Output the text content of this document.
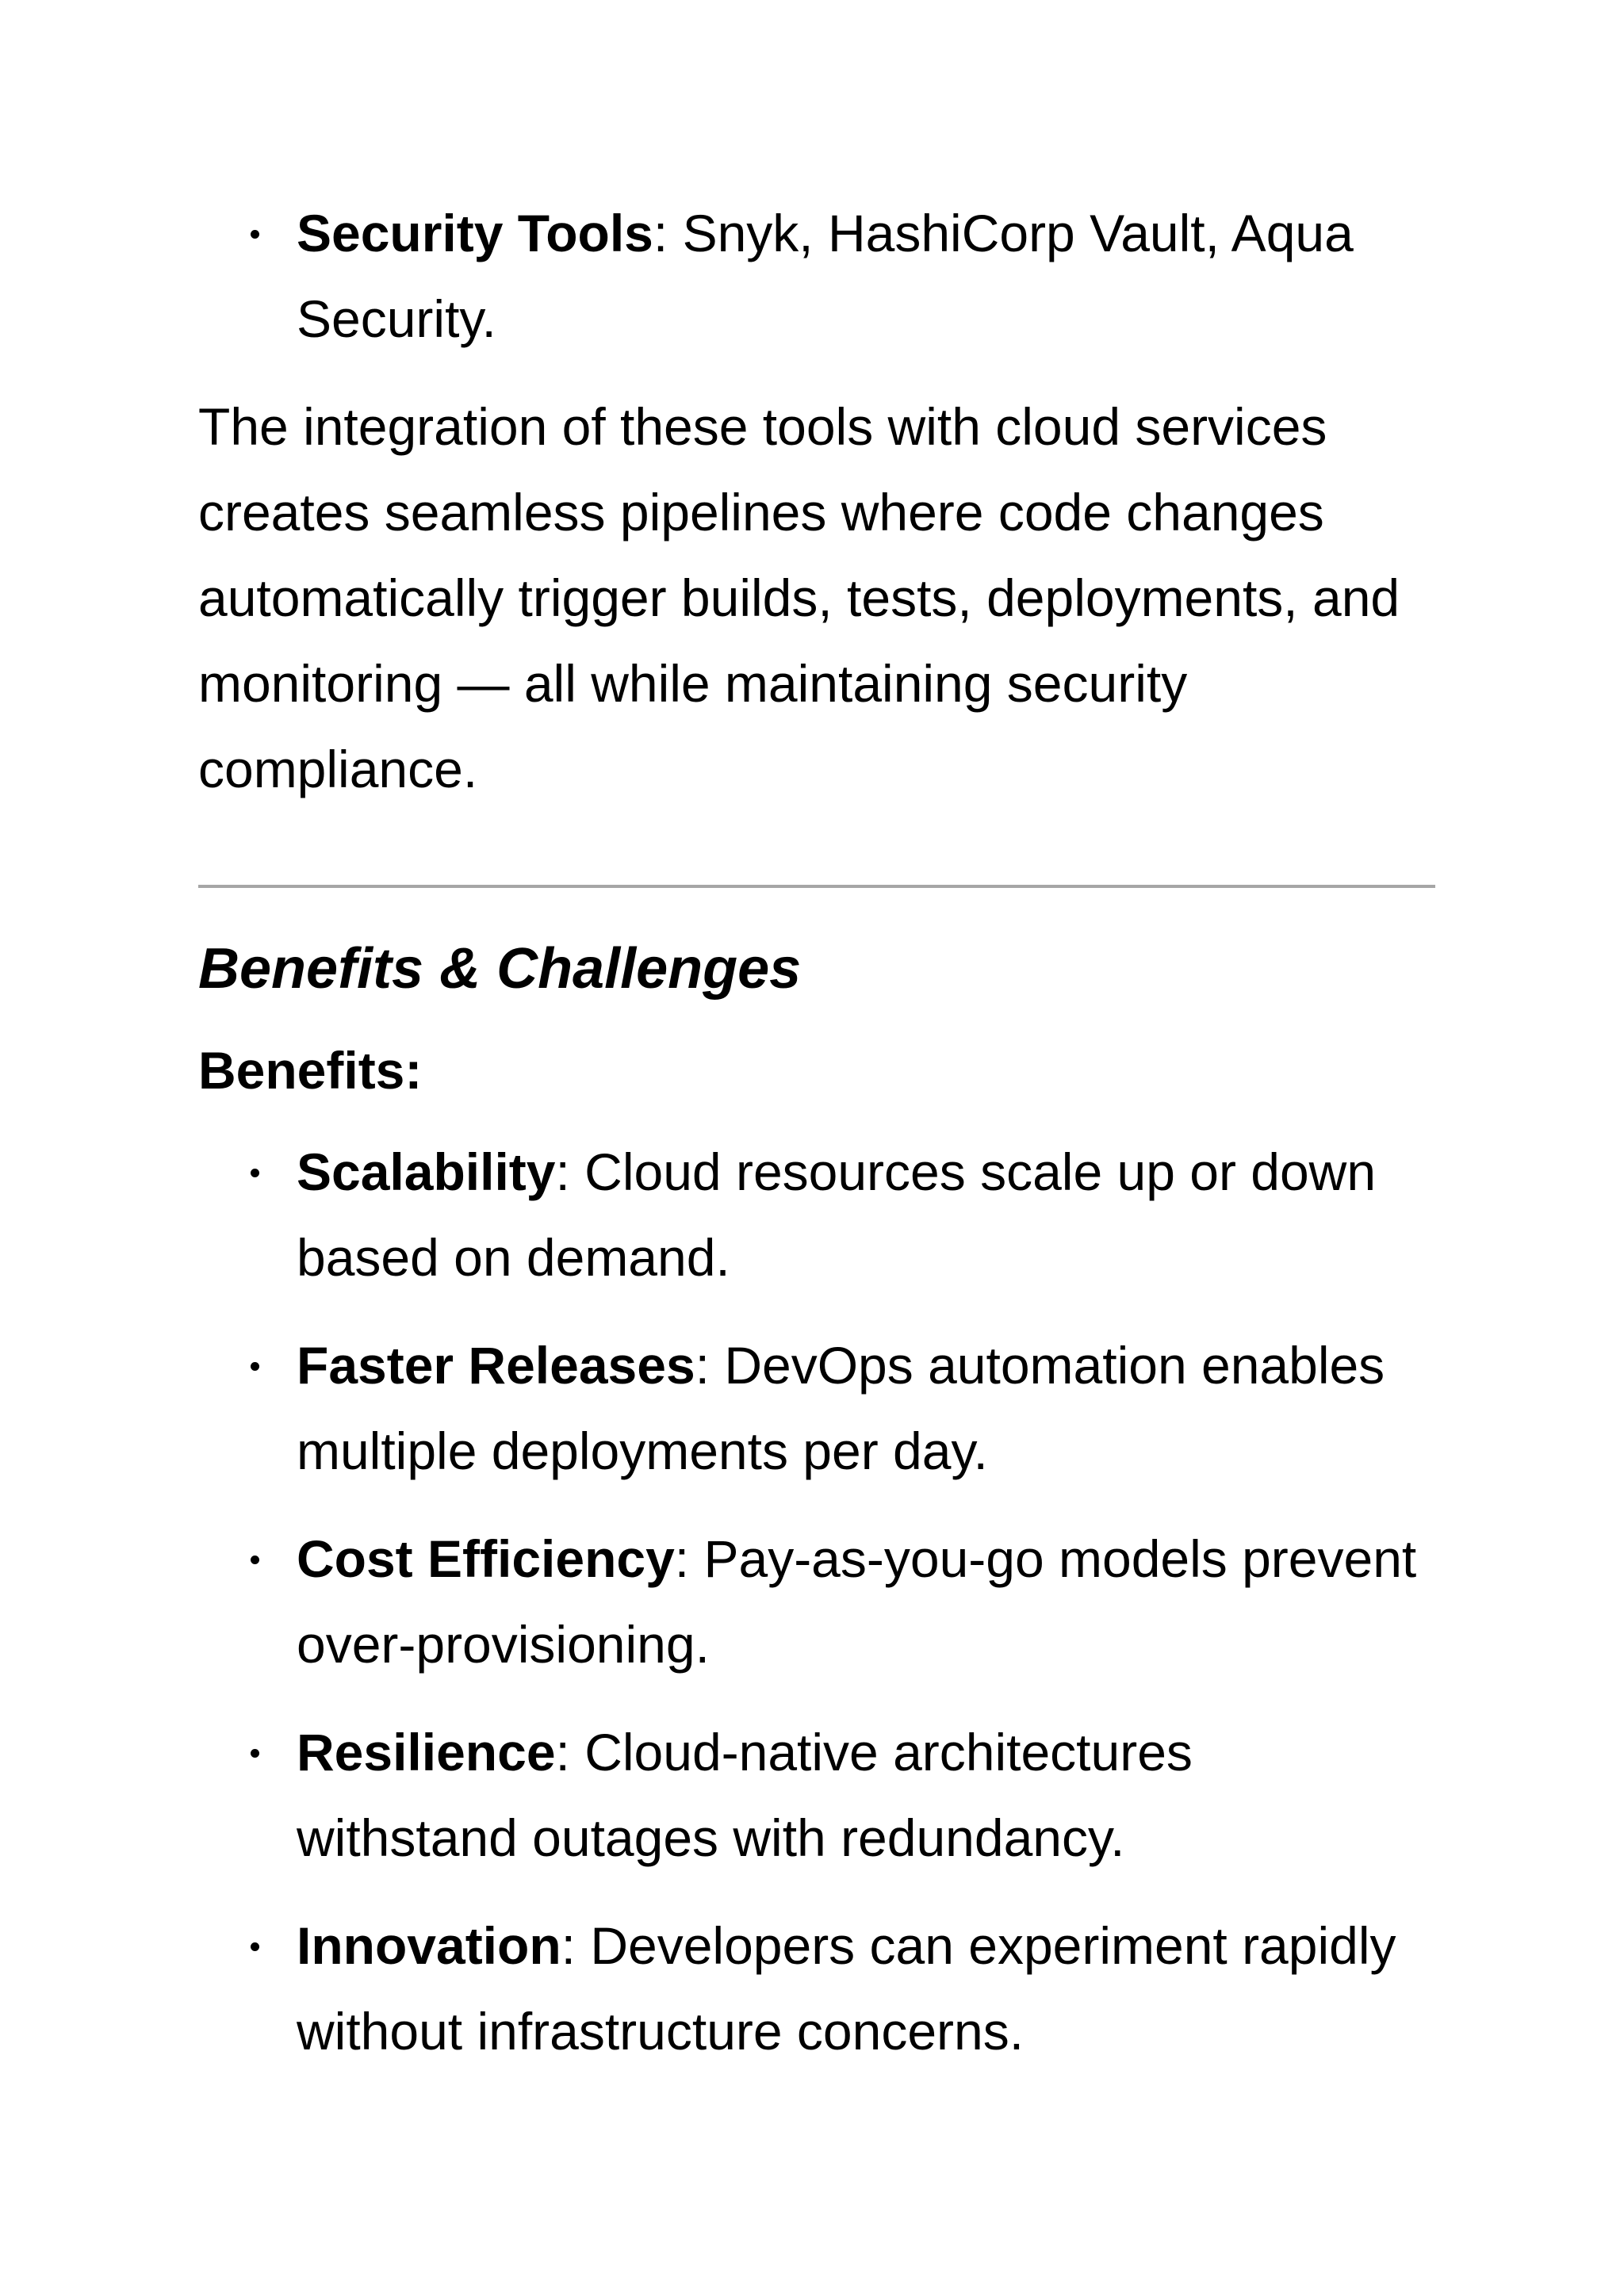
Security Tools: Snyk, HashiCorp Vault, Aqua Security.

The integration of these tools with cloud services creates seamless pipelines where code changes automatically trigger builds, tests, deployments, and monitoring — all while maintaining security compliance.

Benefits & Challenges
Benefits:
Scalability: Cloud resources scale up or down based on demand.
Faster Releases: DevOps automation enables multiple deployments per day.
Cost Efficiency: Pay-as-you-go models prevent over-provisioning.
Resilience: Cloud-native architectures withstand outages with redundancy.
Innovation: Developers can experiment rapidly without infrastructure concerns.
